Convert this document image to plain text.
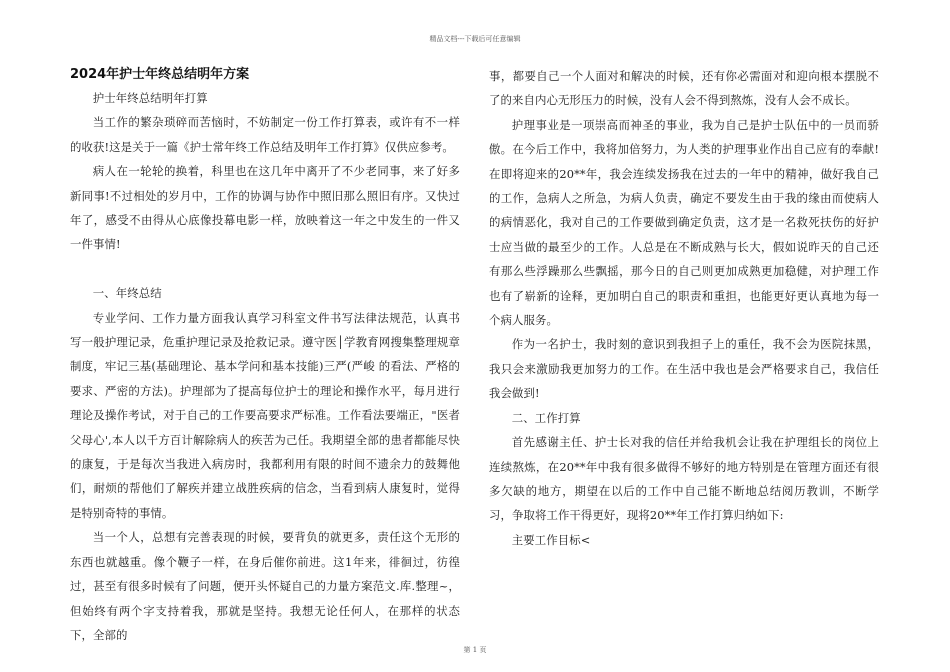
精品文档---下载后可任意编辑
2024年护士年终总结明年方案

护士年终总结明年打算

当工作的繁杂琐碎而苦恼时，不妨制定一份工作打算表，或许有不一样的收获!这是关于一篇《护士常年终工作总结及明年工作打算》仅供应参考。

病人在一轮轮的换着，科里也在这几年中离开了不少老同事，来了好多新同事!不过相处的岁月中，工作的协调与协作中照旧那么照旧有序。又快过年了，感受不由得从心底像投幕电影一样，放映着这一年之中发生的一件又一件事情!

一、年终总结

专业学问、工作力量方面我认真学习科室文件书写法律法规范，认真书写一般护理记录，危重护理记录及抢救记录。遵守医│学教育网搜集整理规章制度，牢记三基(基础理论、基本学问和基本技能)三严(严峻 的看法、严格的要求、严密的方法)。护理部为了提高每位护士的理论和操作水平，每月进行理论及操作考试，对于自己的工作要高要求严标准。工作看法要端正，"医者父母心',本人以千方百计解除病人的疾苦为己任。我期望全部的患者都能尽快的康复，于是每次当我进入病房时，我都利用有限的时间不遗余力的鼓舞他们，耐烦的帮他们了解疾并建立战胜疾病的信念，当看到病人康复时，觉得是特别奇特的事情。

当一个人，总想有完善表现的时候，要背负的就更多，责任这个无形的东西也就越重。像个鞭子一样，在身后催你前进。这1年来，徘徊过，彷徨过，甚至有很多时候有了问题，便开头怀疑自己的力量方案范文.库.整理~，但始终有两个字支持着我，那就是坚持。我想无论任何人，在那样的状态下，全部的

事，都要自己一个人面对和解决的时候，还有你必需面对和迎向根本摆脱不了的来自内心无形压力的时候，没有人会不得到熬炼，没有人会不成长。

护理事业是一项崇高而神圣的事业，我为自己是护士队伍中的一员而骄傲。在今后工作中，我将加倍努力，为人类的护理事业作出自己应有的奉献!在即将迎来的20**年，我会连续发扬我在过去的一年中的精神，做好我自己的工作，急病人之所急，为病人负责，确定不要发生由于我的缘由而使病人的病情恶化，我对自己的工作要做到确定负责，这才是一名救死扶伤的好护士应当做的最至少的工作。人总是在不断成熟与长大，假如说昨天的自己还有那么些浮躁那么些飘摇，那今日的自己则更加成熟更加稳健，对护理工作也有了崭新的诠释，更加明白自己的职责和重担，也能更好更认真地为每一个病人服务。

作为一名护士，我时刻的意识到我担子上的重任，我不会为医院抹黑，我只会来激励我更加努力的工作。在生活中我也是会严格要求自己，我信任我会做到!

二、工作打算

首先感谢主任、护士长对我的信任并给我机会让我在护理组长的岗位上连续熬炼，在20**年中我有很多做得不够好的地方特别是在管理方面还有很多欠缺的地方，期望在以后的工作中自己能不断地总结阅历教训，不断学习，争取将工作干得更好，现将20**年工作打算归纳如下:

主要工作目标<

第 1 页
